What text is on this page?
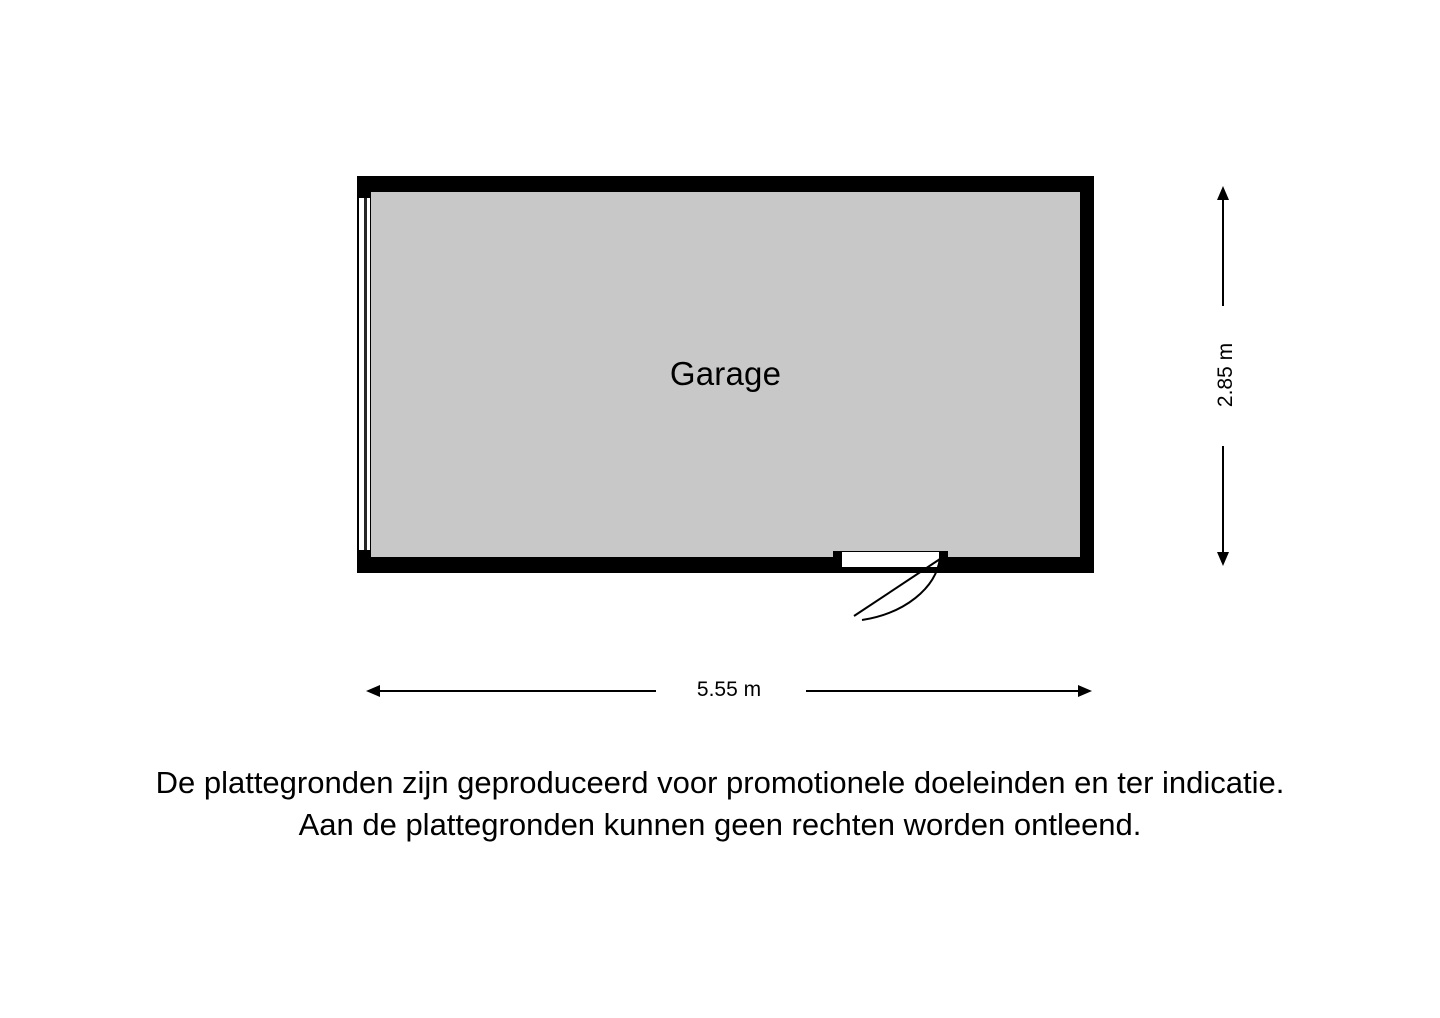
Garage	2.85 m
5.55 m
De plattegronden zijn geproduceerd voor promotionele doeleinden en ter indicatie.
Aan de plattegronden kunnen geen rechten worden ontleend.
